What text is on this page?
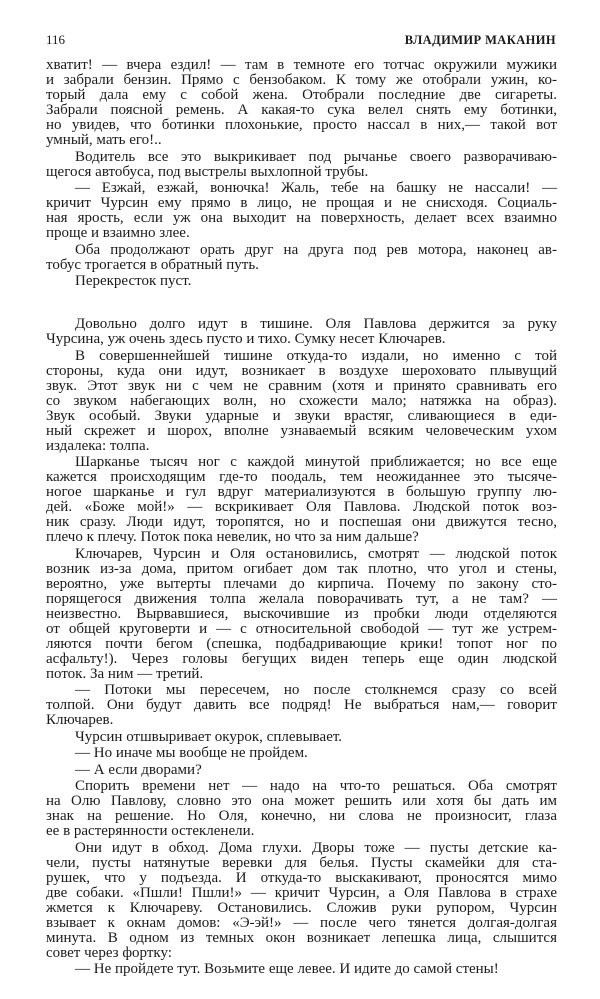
116	ВЛАДИМИР МАКАНИН
хватит! — вчера ездил! — там в темноте его тотчас окружили мужики
и забрали бензин. Прямо с бензобаком. К тому же отобрали ужин, ко-
торый дала ему с собой жена. Отобрали последние две сигареты.
Забрали поясной ремень. А какая-то сука велел снять ему ботинки,
но увидев, что ботинки плохонькие, просто нассал в них,— такой вот
умный, мать его!..
Водитель все это выкрикивает под рычанье своего разворачиваю-
щегося автобуса, под выстрелы выхлопной трубы.
— Езжай, езжай, вонючка! Жаль, тебе на башку не нассали! —
кричит Чурсин ему прямо в лицо, не прощая и не снисходя. Социаль-
ная ярость, если уж она выходит на поверхность, делает всех взаимно
проще и взаимно злее.
Оба продолжают орать друг на друга под рев мотора, наконец ав-
тобус трогается в обратный путь.
Перекресток пуст.
Довольно долго идут в тишине. Оля Павлова держится за руку
Чурсина, уж очень здесь пусто и тихо. Сумку несет Ключарев.
В совершеннейшей тишине откуда-то издали, но именно с той
стороны, куда они идут, возникает в воздухе шероховато плывущий
звук. Этот звук ни с чем не сравним (хотя и принято сравнивать его
со звуком набегающих волн, но схожести мало; натяжка на образ).
Звук особый. Звуки ударные и звуки врастяг, сливающиеся в еди-
ный скрежет и шорох, вполне узнаваемый всяким человеческим ухом
издалека: толпа.
Шарканье тысяч ног с каждой минутой приближается; но все еще
кажется происходящим где-то поодаль, тем неожиданнее это тысяче-
ногое шарканье и гул вдруг материализуются в большую группу лю-
дей. «Боже мой!» — вскрикивает Оля Павлова. Людской поток воз-
ник сразу. Люди идут, торопятся, но и поспешая они движутся тесно,
плечо к плечу. Поток пока невелик, но что за ним дальше?
Ключарев, Чурсин и Оля остановились, смотрят — людской поток
возник из-за дома, притом огибает дом так плотно, что угол и стены,
вероятно, уже вытерты плечами до кирпича. Почему по закону сто-
порящегося движения толпа желала поворачивать тут, а не там? —
неизвестно. Вырвавшиеся, выскочившие из пробки люди отделяются
от общей круговерти и — с относительной свободой — тут же устрем-
ляются почти бегом (спешка, подбадривающие крики! топот ног по
асфальту!). Через головы бегущих виден теперь еще один людской
поток. За ним — третий.
— Потоки мы пересечем, но после столкнемся сразу со всей
толпой. Они будут давить все подряд! Не выбраться нам,— говорит
Ключарев.
Чурсин отшвыривает окурок, сплевывает.
— Но иначе мы вообще не пройдем.
— А если дворами?
Спорить времени нет — надо на что-то решаться. Оба смотрят
на Олю Павлову, словно это она может решить или хотя бы дать им
знак на решение. Но Оля, конечно, ни слова не произносит, глаза
ее в растерянности остекленели.
Они идут в обход. Дома глухи. Дворы тоже — пусты детские ка-
чели, пусты натянутые веревки для белья. Пусты скамейки для ста-
рушек, что у подъезда. И откуда-то выскакивают, проносятся мимо
две собаки. «Пшли! Пшли!» — кричит Чурсин, а Оля Павлова в страхе
жмется к Ключареву. Остановились. Сложив руки рупором, Чурсин
взывает к окнам домов: «Э-эй!» — после чего тянется долгая-долгая
минута. В одном из темных окон возникает лепешка лица, слышится
совет через фортку:
— Не пройдете тут. Возьмите еще левее. И идите до самой стены!
